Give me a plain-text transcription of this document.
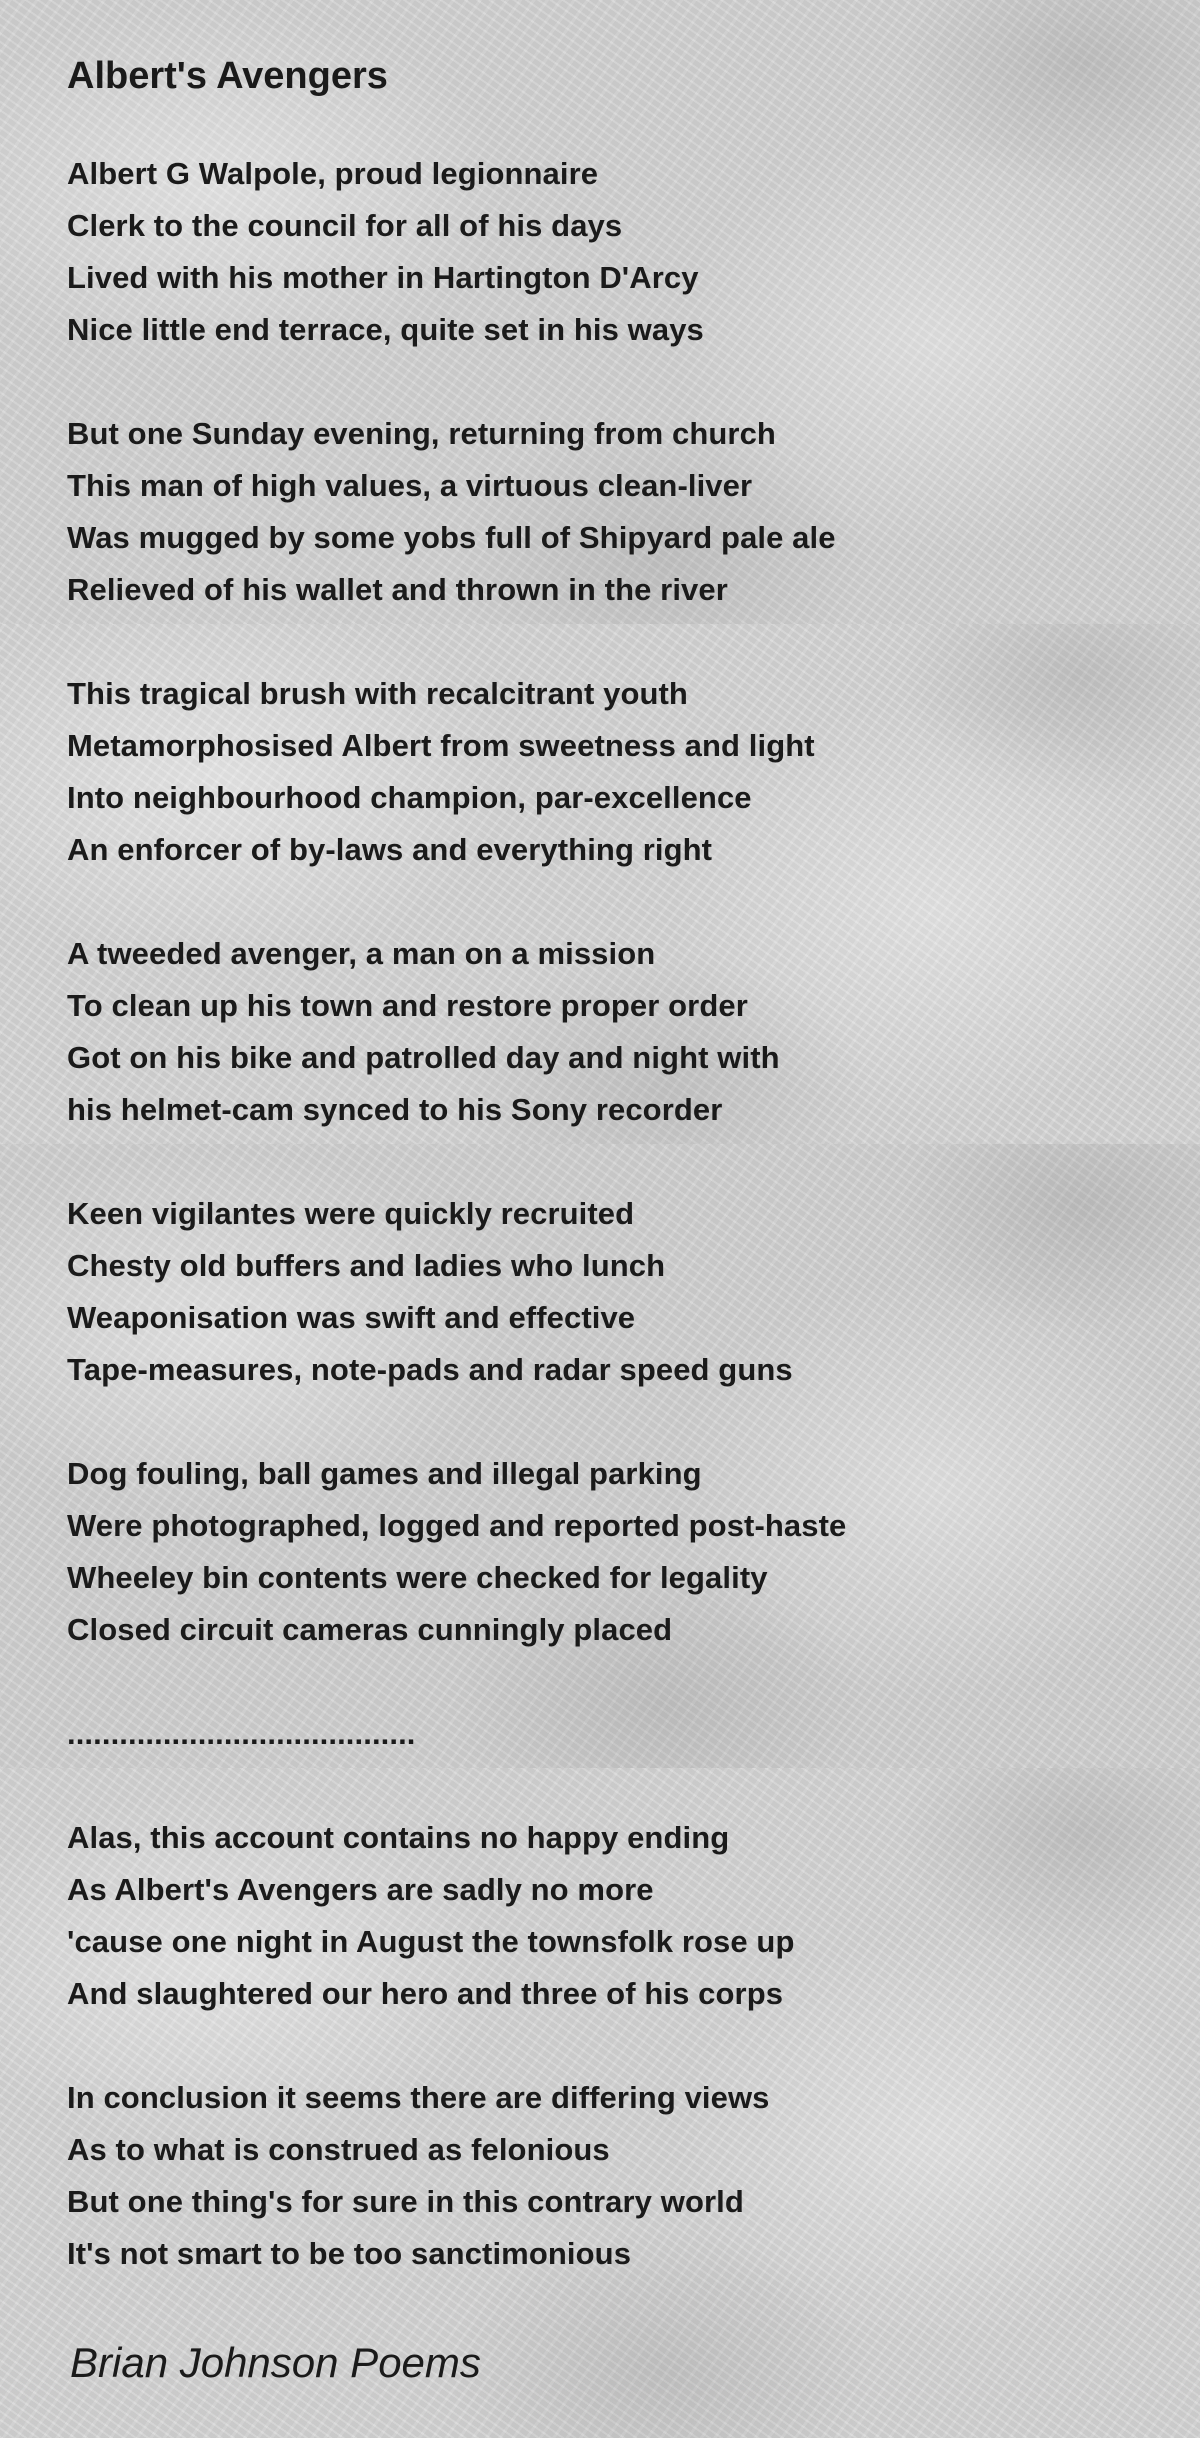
Albert's Avengers

Albert G Walpole, proud legionnaire

Clerk to the council for all of his days

Lived with his mother in Hartington D'Arcy

Nice little end terrace, quite set in his ways

But one Sunday evening, returning from church

This man of high values, a virtuous clean-liver

Was mugged by some yobs full of Shipyard pale ale

Relieved of his wallet and thrown in the river

This tragical brush with recalcitrant youth

Metamorphosised Albert from sweetness and light

Into neighbourhood champion, par-excellence

An enforcer of by-laws and everything right

A tweeded avenger, a man on a mission

To clean up his town and restore proper order

Got on his bike and patrolled day and night with

his helmet-cam synced to his Sony recorder

Keen vigilantes were quickly recruited

Chesty old buffers and ladies who lunch

Weaponisation was swift and effective

Tape-measures, note-pads and radar speed guns

Dog fouling, ball games and illegal parking

Were photographed, logged and reported post-haste

Wheeley bin contents were checked for legality

Closed circuit cameras cunningly placed

........................................

Alas, this account contains no happy ending

As Albert's Avengers are sadly no more

'cause one night in August the townsfolk rose up

And slaughtered our hero and three of his corps

In conclusion it seems there are differing views

As to what is construed as felonious

But one thing's for sure in this contrary world

It's not smart to be too sanctimonious

Brian Johnson Poems
